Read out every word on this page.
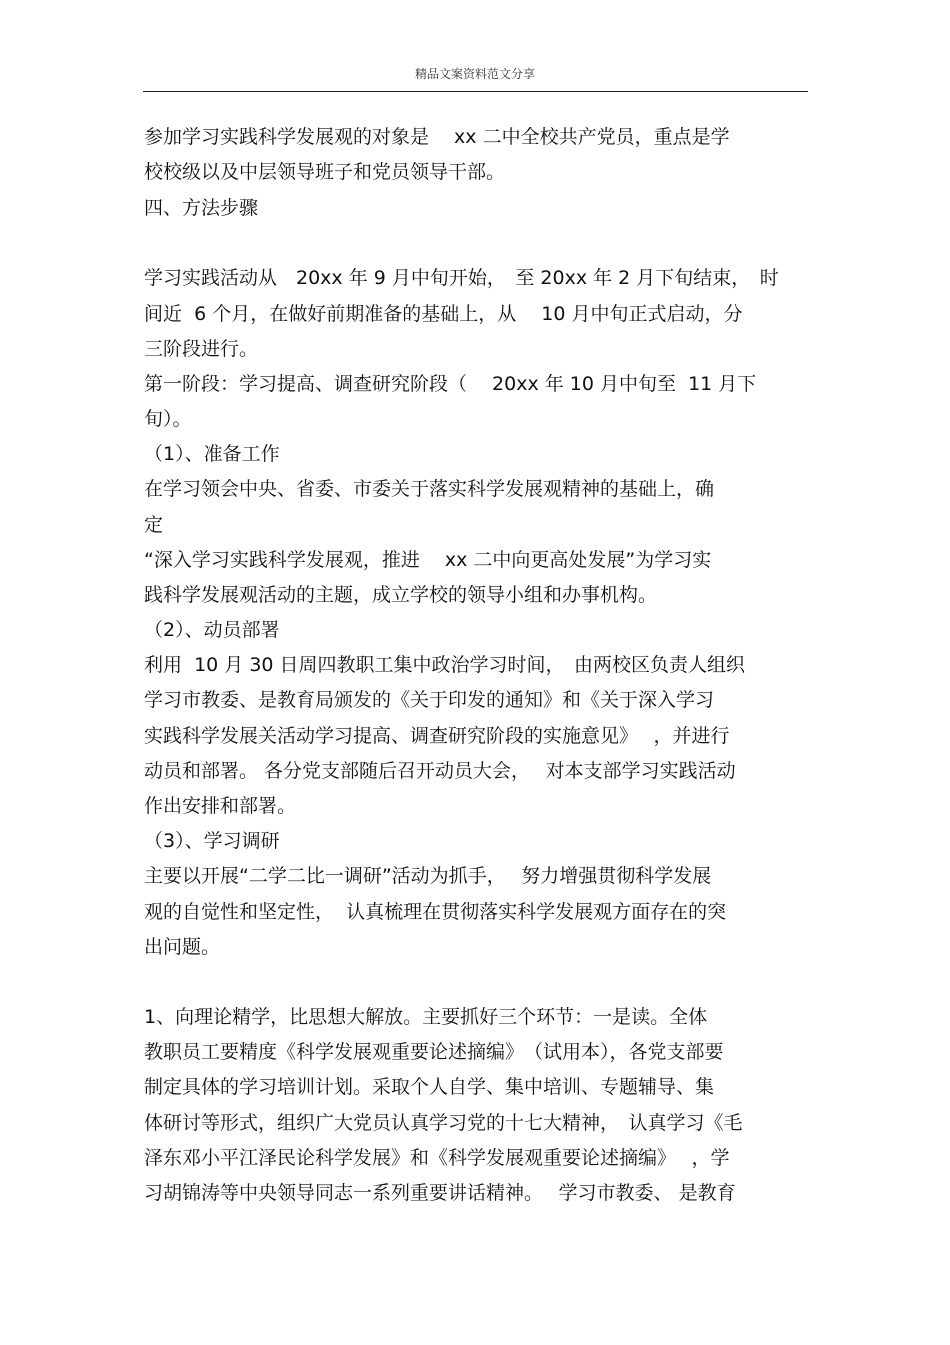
精品文案资料范文分享
参加学习实践科学发展观的对象是　 xx 二中全校共产党员，重点是学
校校级以及中层领导班子和党员领导干部。
四、方法步骤
学习实践活动从　20xx 年 9 月中旬开始，　至 20xx 年 2 月下旬结束，　时
间近  6 个月，在做好前期准备的基础上，从　 10 月中旬正式启动，分
三阶段进行。
第一阶段：学习提高、调查研究阶段（　 20xx 年 10 月中旬至  11 月下
旬）。
（1）、准备工作
在学习领会中央、省委、市委关于落实科学发展观精神的基础上，确
定
“深入学习实践科学发展观，推进　 xx 二中向更高处发展”为学习实
践科学发展观活动的主题，成立学校的领导小组和办事机构。
（2）、动员部署
利用  10 月 30 日周四教职工集中政治学习时间，　由两校区负责人组织
学习市教委、是教育局颁发的《关于印发的通知》和《关于深入学习
实践科学发展关活动学习提高、调查研究阶段的实施意见》　 ，并进行
动员和部署。 各分党支部随后召开动员大会，　 对本支部学习实践活动
作出安排和部署。
（3）、学习调研
主要以开展“二学二比一调研”活动为抓手，　 努力增强贯彻科学发展
观的自觉性和坚定性，  认真梳理在贯彻落实科学发展观方面存在的突
出问题。
1、向理论精学，比思想大解放。主要抓好三个环节：一是读。全体
教职员工要精度《科学发展观重要论述摘编》　（试用本），各党支部要
制定具体的学习培训计划。采取个人自学、集中培训、专题辅导、集
体研讨等形式，组织广大党员认真学习党的十七大精神，　认真学习《毛
泽东邓小平江泽民论科学发展》和《科学发展观重要论述摘编》　 ，学
习胡锦涛等中央领导同志一系列重要讲话精神。　 学习市教委、 是教育
